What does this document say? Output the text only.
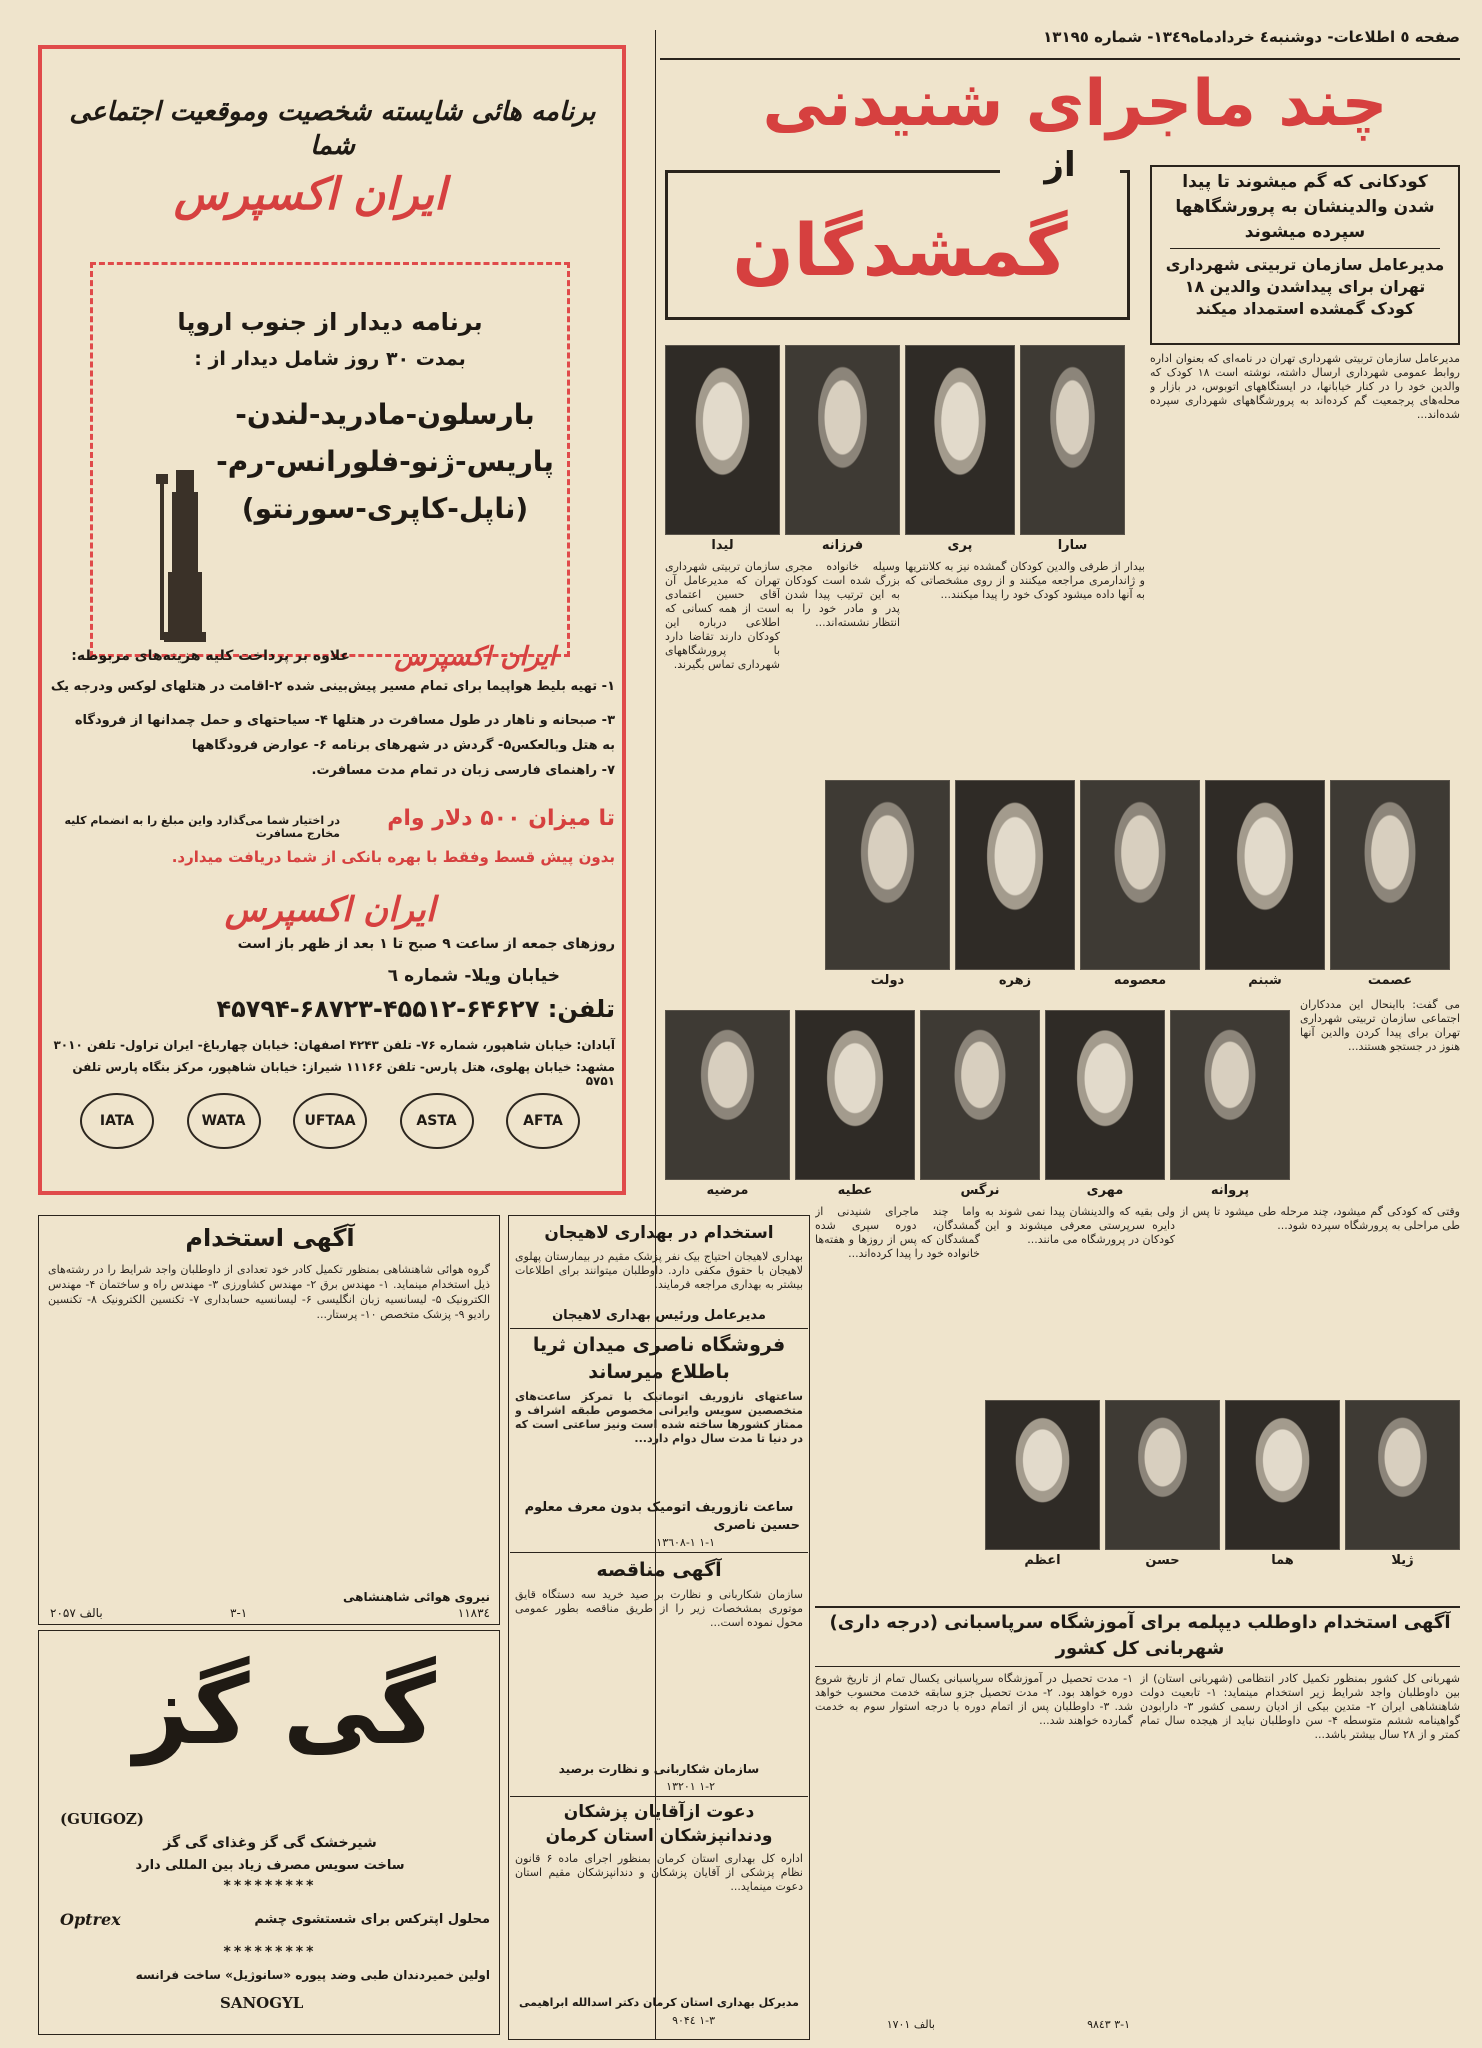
صفحه ٥ اطلاعات- دوشنبه٤ خردادماه١٣٤٩- شماره ١٣١٩٥
چند ماجرای شنیدنی
از
گمشدگان
کودکانی که گم میشوند تا پیدا شدن والدینشان به پرورشگاهها سپرده میشوند
مدیرعامل سازمان تربیتی شهرداری تهران برای پیداشدن والدین ۱۸ کودک گمشده استمداد میکند
مدیرعامل سازمان تربیتی شهرداری تهران در نامه‌ای که بعنوان اداره روابط عمومی شهرداری ارسال داشته، نوشته است ۱۸ کودک که والدین خود را در کنار خیابانها، در ایستگاههای اتوبوس، در بازار و محله‌های پرجمعیت گم کرده‌اند به پرورشگاههای شهرداری سپرده شده‌اند...
سارا
پری
فرزانه
لیدا
بیدار از طرفی والدین کودکان گمشده نیز به کلانتریها و ژاندارمری مراجعه میکنند و از روی مشخصاتی که به آنها داده میشود کودک خود را پیدا میکنند...
وسیله خانواده مجری بزرگ شده است کودکان به این ترتیب پیدا شدن پدر و مادر خود را به انتظار نشسته‌اند...
سازمان تربیتی شهرداری تهران که مدیرعامل آن آقای حسین اعتمادی است از همه کسانی که اطلاعی درباره این کودکان دارند تقاضا دارد با پرورشگاههای شهرداری تماس بگیرند.
عصمت
شبنم
معصومه
زهره
دولت
می گفت: بااینحال این مددکاران اجتماعی سازمان تربیتی شهرداری تهران برای پیدا کردن والدین آنها هنوز در جستجو هستند...
پروانه
مهری
نرگس
عطیه
مرضیه
وقتی که کودکی گم میشود، چند مرحله طی میشود تا پس از طی مراحلی به پرورشگاه سپرده شود...
ولی بقیه که والدینشان پیدا نمی شوند به دایره سرپرستی معرفی میشوند و این کودکان در پرورشگاه می مانند...
واما چند ماجرای شنیدنی از گمشدگان، دوره سپری شده گمشدگان که پس از روزها و هفته‌ها خانواده خود را پیدا کرده‌اند...
ژیلا
هما
حسن
اعظم
آگهی استخدام داوطلب دیپلمه برای آموزشگاه سرپاسبانی (درجه داری) شهربانی کل کشور
شهربانی کل کشور بمنظور تکمیل کادر انتظامی (شهربانی استان) از بین داوطلبان واجد شرایط زیر استخدام مینماید: ۱- تابعیت دولت شاهنشاهی ایران ۲- متدین بیکی از ادیان رسمی کشور ۳- دارابودن گواهینامه ششم متوسطه ۴- سن داوطلبان نباید از هیجده سال تمام کمتر و از ۲۸ سال بیشتر باشد...
۱- مدت تحصیل در آموزشگاه سرپاسبانی یکسال تمام از تاریخ شروع دوره خواهد بود. ۲- مدت تحصیل جزو سابقه خدمت محسوب خواهد شد. ۳- داوطلبان پس از اتمام دوره با درجه استوار سوم به خدمت گمارده خواهند شد...
۳-۱ ۹۸٤۳
بالف ۱۷۰۱
برنامه هائی شایسته شخصیت وموقعیت اجتماعی شما
ایران اکسپرس
برنامه دیدار از جنوب اروپا
بمدت ۳۰ روز شامل دیدار از :
بارسلون-مادرید-لندن-
پاریس-ژنو-فلورانس-رم-
(ناپل-کاپری-سورنتو)
ایران اکسپرس
علاوه بر پرداخت کلیه هزینه‌های مربوطه:
۱- تهیه بلیط هواپیما برای تمام مسیر پیش‌بینی شده ۲-اقامت در هتلهای لوکس ودرجه یک
۳- صبحانه و ناهار در طول مسافرت در هتلها ۴- سیاحتهای و حمل چمدانها از فرودگاه
به هتل وبالعکس۵- گردش در شهرهای برنامه ۶- عوارض فرودگاهها
۷- راهنمای فارسی زبان در تمام مدت مسافرت.
تا میزان ۵۰۰ دلار وام
در اختیار شما می‌گذارد واین مبلغ را به انضمام کلیه مخارج مسافرت
بدون پیش قسط وفقط با بهره بانکی از شما دریافت میدارد.
ایران اکسپرس
روزهای جمعه از ساعت ۹ صبح تا ۱ بعد از ظهر باز است
خیابان ویلا- شماره ٦
تلفن: ۶۴۶۲۷-۴۵۵۱۲-۶۸۷۲۳-۴۵۷۹۴
آبادان: خیابان شاهپور، شماره ۷۶- تلفن ۴۲۴۳ اصفهان: خیابان چهارباغ- ایران تراول- تلفن ۳۰۱۰
مشهد: خیابان پهلوی، هتل پارس- تلفن ۱۱۱۶۶ شیراز: خیابان شاهپور، مرکز بنگاه پارس تلفن ۵۷۵۱
AFTA
ASTA
UFTAA
WATA
IATA
آگهی استخدام
گروه هوائی شاهنشاهی بمنظور تکمیل کادر خود تعدادی از داوطلبان واجد شرایط را در رشته‌های ذیل استخدام مینماید. ۱- مهندس برق ۲- مهندس کشاورزی ۳- مهندس راه و ساختمان ۴- مهندس الکترونیک ۵- لیسانسیه زبان انگلیسی ۶- لیسانسیه حسابداری ۷- تکنسین الکترونیک ۸- تکنسین رادیو ۹- پزشک متخصص ۱۰- پرستار...
نیروی هوائی شاهنشاهی
۱۱۸۳٤
۳-۱
بالف ۲۰۵۷
گی گز
(GUIGOZ)
شیرخشک گی گز وغذای گی گز
ساخت سویس مصرف زیاد بین المللی دارد
*********
Optrex	محلول اپترکس برای شستشوی چشم
*********
اولین خمیردندان طبی وضد پیوره «سانوژیل» ساخت فرانسه
SANOGYL
استخدام در بهداری لاهیجان
بهداری لاهیجان احتیاج بیک نفر پزشک مقیم در بیمارستان پهلوی لاهیجان با حقوق مکفی دارد. داوطلبان میتوانند برای اطلاعات بیشتر به بهداری مراجعه فرمایند.
مدیرعامل ورئیس بهداری لاهیجان
فروشگاه ناصری میدان ثریا باطلاع میرساند
ساعتهای نازوریف اتوماتیک با تمرکز ساعت‌های متخصصین سویس وایرانی مخصوص طبقه اشراف و ممتاز کشورها ساخته شده است ونیز ساعتی است که در دنیا تا مدت سال دوام دارد...
ساعت نازوریف اتومیک بدون معرف معلوم
حسین ناصری
۱-۱ ۱۳٦۰۸-۱
آگهی مناقصه
سازمان شکاربانی و نظارت بر صید خرید سه دستگاه قایق موتوری بمشخصات زیر را از طریق مناقصه بطور عمومی محول نموده است...
سازمان شکاربانی و نظارت برصید
۱-۲ ۱۳۲۰۱
دعوت ازآقایان پزشکان ودندانپزشکان استان کرمان
اداره کل بهداری استان کرمان بمنظور اجرای ماده ۶ قانون نظام پزشکی از آقایان پزشکان و دندانپزشکان مقیم استان دعوت مینماید...
مدیرکل بهداری استان کرمان دکتر اسدالله ابراهیمی
۱-۳ ۹۰۴٤
